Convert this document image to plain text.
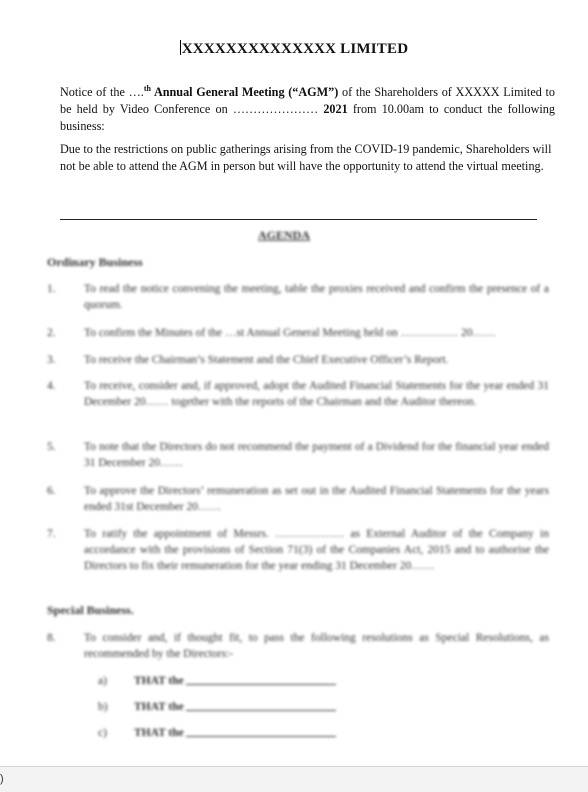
XXXXXXXXXXXXXX LIMITED
Notice of the ….$^{th}$ Annual General Meeting (“AGM”) of the Shareholders of XXXXX Limited to be held by Video Conference on ………………… 2021 from 10.00am to conduct the following business:
Due to the restrictions on public gatherings arising from the COVID-19 pandemic, Shareholders will not be able to attend the AGM in person but will have the opportunity to attend the virtual meeting.
AGENDA
Ordinary Business
1.	To read the notice convening the meeting, table the proxies received and confirm the presence of a quorum.
2.	To confirm the Minutes of the …st Annual General Meeting held on …………… 20……
3.	To receive the Chairman’s Statement and the Chief Executive Officer’s Report.
4.	To receive, consider and, if approved, adopt the Audited Financial Statements for the year ended 31 December 20…… together with the reports of the Chairman and the Auditor thereon.
5.	To note that the Directors do not recommend the payment of a Dividend for the financial year ended 31 December 20……
6.	To approve the Directors’ remuneration as set out in the Audited Financial Statements for the years ended 31st December 20……
7.	To ratify the appointment of Messrs. ……………… as External Auditor of the Company in accordance with the provisions of Section 71(3) of the Companies Act, 2015 and to authorise the Directors to fix their remuneration for the year ending 31 December 20……
Special Business.
8.	To consider and, if thought fit, to pass the following resolutions as Special Resolutions, as recommended by the Directors:-
a) THAT the
b) THAT the
c) THAT the
)
